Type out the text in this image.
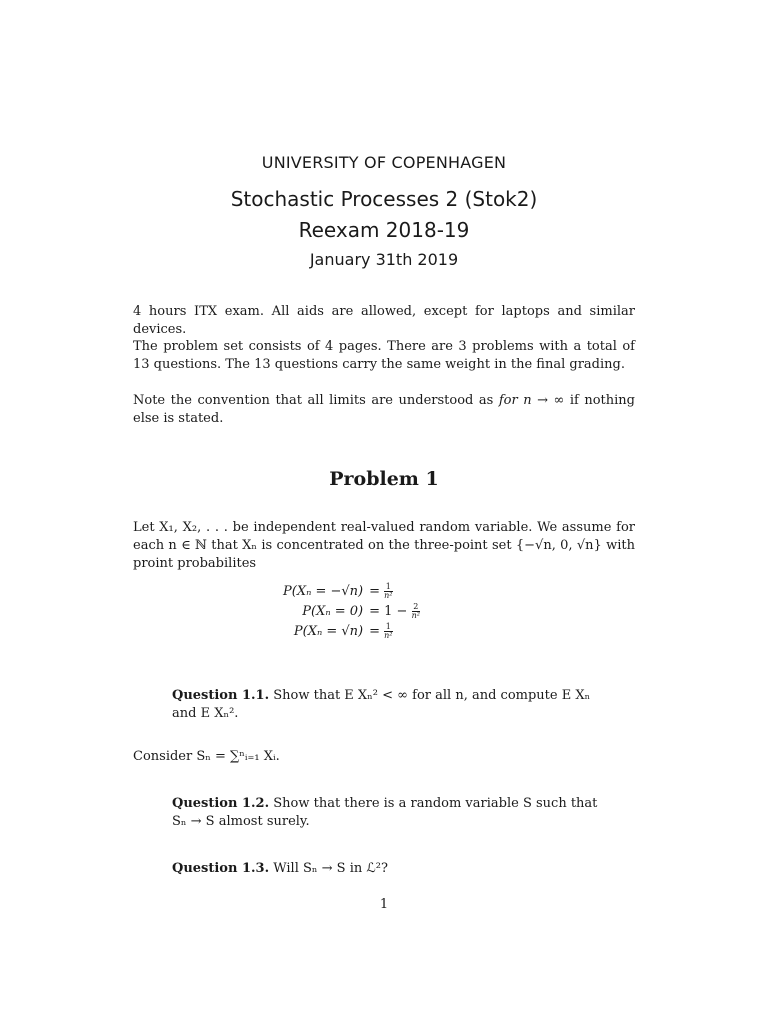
UNIVERSITY OF COPENHAGEN
Stochastic Processes 2 (Stok2)
Reexam 2018-19
January 31th 2019
4 hours ITX exam. All aids are allowed, except for laptops and similar devices.
The problem set consists of 4 pages. There are 3 problems with a total of 13 questions. The 13 questions carry the same weight in the final grading.
Note the convention that all limits are understood as for n → ∞ if nothing else is stated.
Problem 1
Let X₁, X₂, . . . be independent real-valued random variable. We assume for each n ∈ ℕ that Xₙ is concentrated on the three-point set {−√n, 0, √n} with proint probabilites
P(Xₙ = −√n)	= $\frac{1}{\text{n²}}$

P(Xₙ = 0)	= $1 - \frac{2}{\text{n²}}$

P(Xₙ = √n)	= $\frac{1}{\text{n²}}$
Question 1.1. Show that E Xₙ² < ∞ for all n, and compute E Xₙ and E Xₙ².
Consider Sₙ = ∑ⁿᵢ₌₁ Xᵢ.
Question 1.2. Show that there is a random variable S such that Sₙ → S almost surely.
Question 1.3. Will Sₙ → S in ℒ²?
1
